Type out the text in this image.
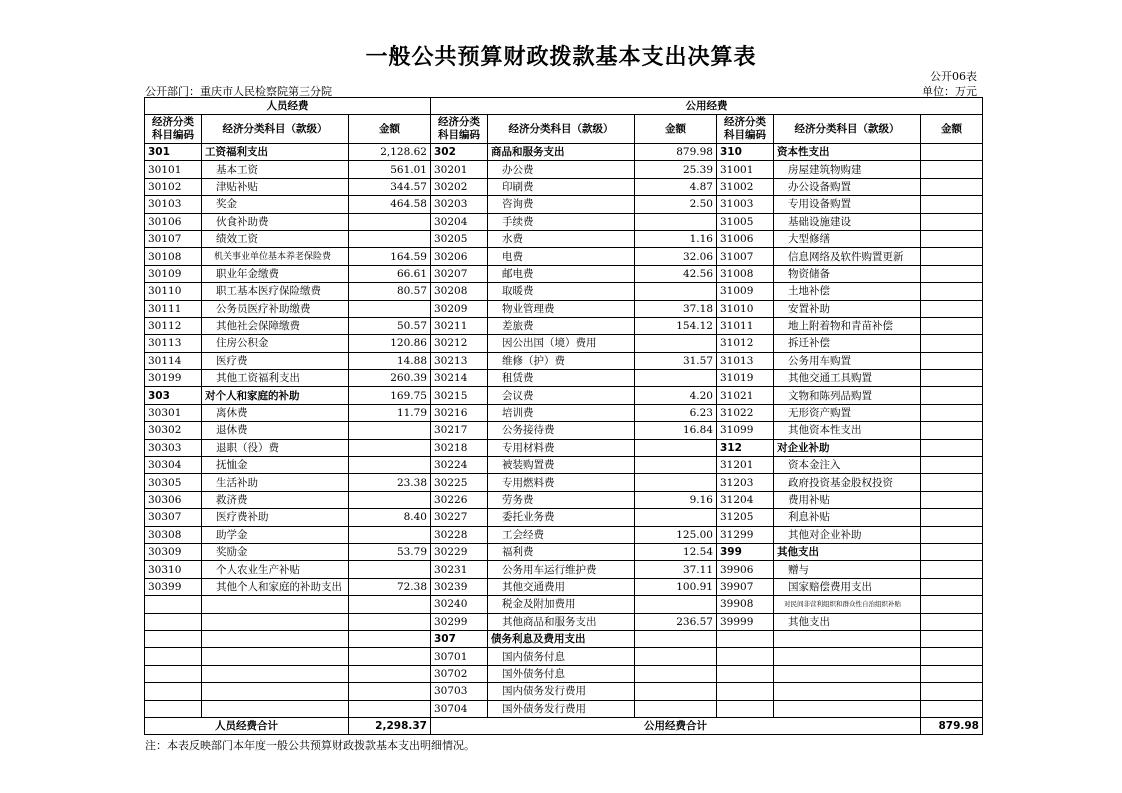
一般公共预算财政拨款基本支出决算表
公开06表
公开部门：重庆市人民检察院第三分院	单位：万元
人员经费			公用经费					
经济分类科目编码	经济分类科目（款级）	金额	经济分类科目编码	经济分类科目（款级）	金额	经济分类科目编码	经济分类科目（款级）	金额
301	工资福利支出	2,128.62	302	商品和服务支出	879.98	310	资本性支出	
30101	基本工资	561.01	30201	办公费	25.39	31001	房屋建筑物购建	
30102	津贴补贴	344.57	30202	印刷费	4.87	31002	办公设备购置	
30103	奖金	464.58	30203	咨询费	2.50	31003	专用设备购置	
30106	伙食补助费		30204	手续费		31005	基础设施建设	
30107	绩效工资		30205	水费	1.16	31006	大型修缮	
30108	机关事业单位基本养老保险费	164.59	30206	电费	32.06	31007	信息网络及软件购置更新	
30109	职业年金缴费	66.61	30207	邮电费	42.56	31008	物资储备	
30110	职工基本医疗保险缴费	80.57	30208	取暖费		31009	土地补偿	
30111	公务员医疗补助缴费		30209	物业管理费	37.18	31010	安置补助	
30112	其他社会保障缴费	50.57	30211	差旅费	154.12	31011	地上附着物和青苗补偿	
30113	住房公积金	120.86	30212	因公出国（境）费用		31012	拆迁补偿	
30114	医疗费	14.88	30213	维修（护）费	31.57	31013	公务用车购置	
30199	其他工资福利支出	260.39	30214	租赁费		31019	其他交通工具购置	
303	对个人和家庭的补助	169.75	30215	会议费	4.20	31021	文物和陈列品购置	
30301	离休费	11.79	30216	培训费	6.23	31022	无形资产购置	
30302	退休费		30217	公务接待费	16.84	31099	其他资本性支出	
30303	退职（役）费		30218	专用材料费		312	对企业补助	
30304	抚恤金		30224	被装购置费		31201	资本金注入	
30305	生活补助	23.38	30225	专用燃料费		31203	政府投资基金股权投资	
30306	救济费		30226	劳务费	9.16	31204	费用补贴	
30307	医疗费补助	8.40	30227	委托业务费		31205	利息补贴	
30308	助学金		30228	工会经费	125.00	31299	其他对企业补助	
30309	奖励金	53.79	30229	福利费	12.54	399	其他支出	
30310	个人农业生产补贴		30231	公务用车运行维护费	37.11	39906	赠与	
30399	其他个人和家庭的补助支出	72.38	30239	其他交通费用	100.91	39907	国家赔偿费用支出	
			30240	税金及附加费用		39908	对民间非营利组织和群众性自治组织补贴	
			30299	其他商品和服务支出	236.57	39999	其他支出	
			307	债务利息及费用支出				
			30701	国内债务付息				
			30702	国外债务付息				
			30703	国内债务发行费用				
			30704	国外债务发行费用				
人员经费合计		2,298.37	公用经费合计					879.98
注：本表反映部门本年度一般公共预算财政拨款基本支出明细情况。
